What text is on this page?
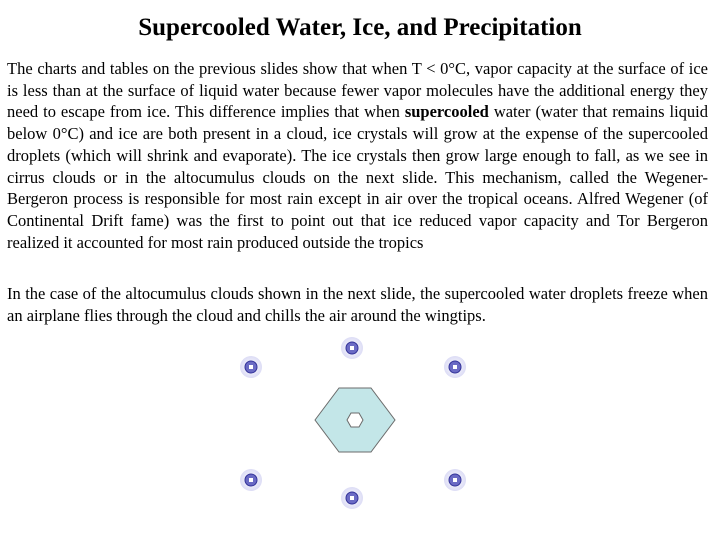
Supercooled Water, Ice, and Precipitation

The charts and tables on the previous slides show that when T < 0°C, vapor capacity at the surface of ice is less than at the surface of liquid water because fewer vapor molecules have the additional energy they need to escape from ice. This difference implies that when supercooled water (water that remains liquid below 0°C) and ice are both present in a cloud, ice crystals will grow at the expense of the supercooled droplets (which will shrink and evaporate). The ice crystals then grow large enough to fall, as we see in cirrus clouds or in the altocumulus clouds on the next slide. This mechanism, called the Wegener-Bergeron process is responsible for most rain except in air over the tropical oceans. Alfred Wegener (of Continental Drift fame) was the first to point out that ice reduced vapor capacity and Tor Bergeron realized it accounted for most rain produced outside the tropics

In the case of the altocumulus clouds shown in the next slide, the supercooled water droplets freeze when an airplane flies through the cloud and chills the air around the wingtips.
